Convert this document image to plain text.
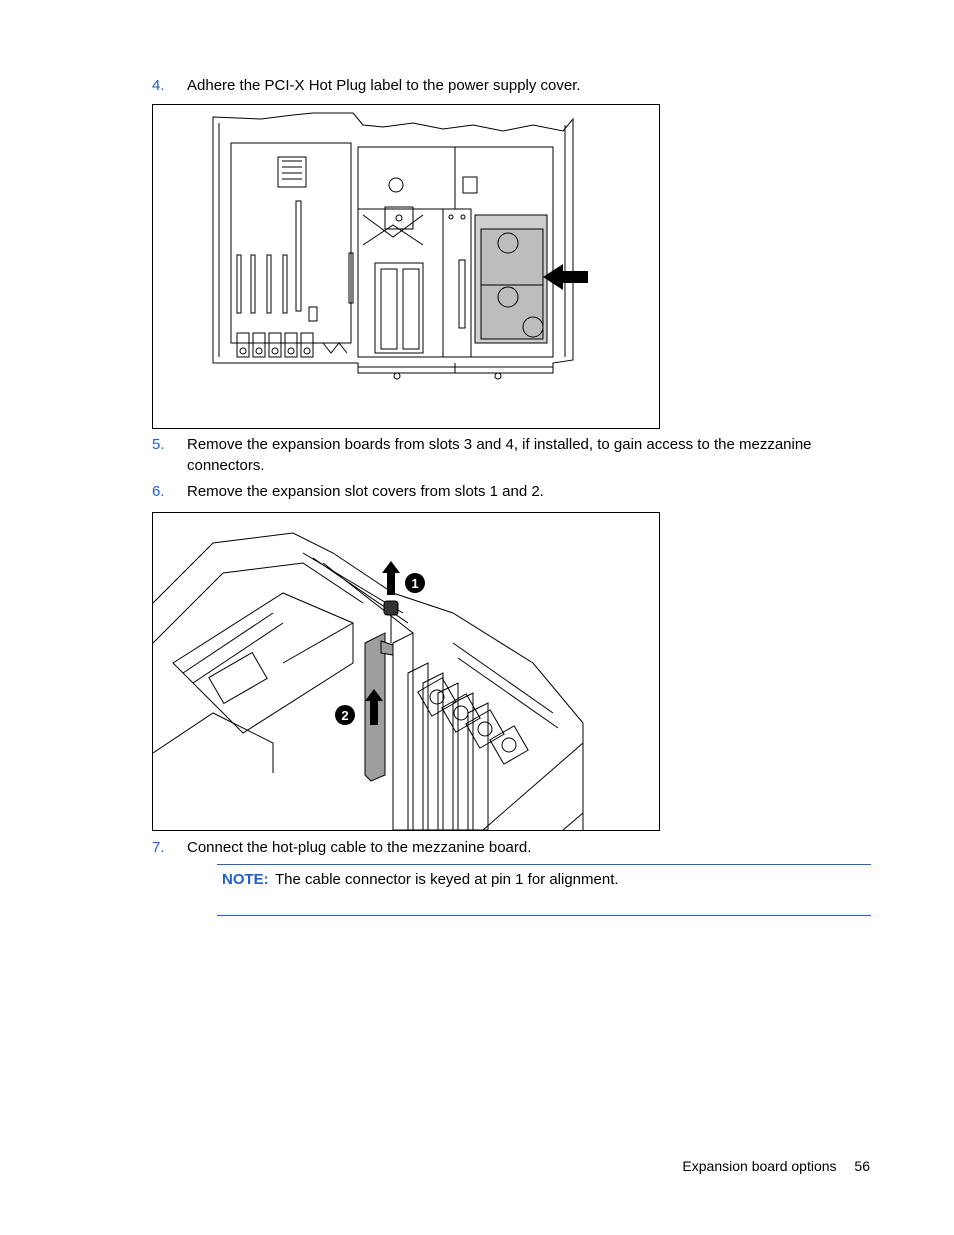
4. Adhere the PCI-X Hot Plug label to the power supply cover.
5. Remove the expansion boards from slots 3 and 4, if installed, to gain access to the mezzanine connectors.
6. Remove the expansion slot covers from slots 1 and 2.
1
2
7. Connect the hot-plug cable to the mezzanine board.
NOTE: The cable connector is keyed at pin 1 for alignment.
Expansion board options 56
